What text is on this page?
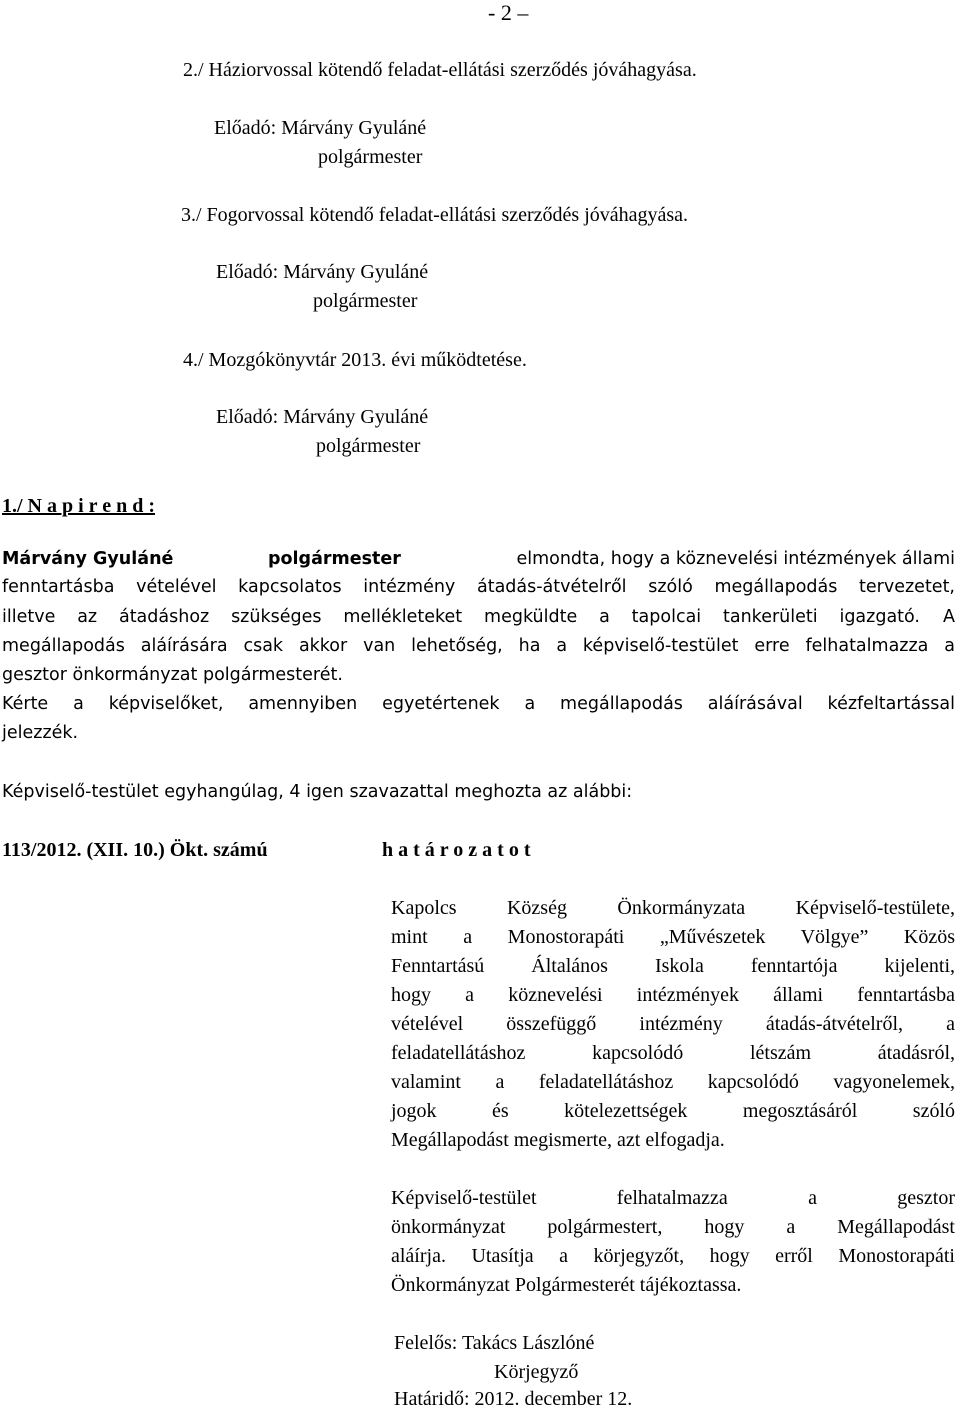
- 2 –
2./ Háziorvossal kötendő feladat-ellátási szerződés jóváhagyása.
Előadó: Márvány Gyuláné
polgármester
3./ Fogorvossal kötendő feladat-ellátási szerződés jóváhagyása.
Előadó: Márvány Gyuláné
polgármester
4./ Mozgókönyvtár 2013. évi működtetése.
Előadó: Márvány Gyuláné
polgármester
1./ N a p i r e n d :
Márvány Gyuláné	polgármester	elmondta, hogy a köznevelési intézmények állami
fenntartásba vételével kapcsolatos intézmény átadás-átvételről szóló megállapodás tervezetet,
illetve az átadáshoz szükséges mellékleteket megküldte a tapolcai tankerületi igazgató. A
megállapodás aláírására csak akkor van lehetőség, ha a képviselő-testület erre felhatalmazza a
gesztor önkormányzat polgármesterét.
Kérte a képviselőket, amennyiben egyetértenek a megállapodás aláírásával kézfeltartással
jelezzék.
Képviselő-testület egyhangúlag, 4 igen szavazattal meghozta az alábbi:
113/2012. (XII. 10.) Ökt. számú	h a t á r o z a t o t
Kapolcs Község Önkormányzata Képviselő-testülete,
mint a Monostorapáti „Művészetek Völgye” Közös
Fenntartású Általános Iskola fenntartója kijelenti,
hogy a köznevelési intézmények állami fenntartásba
vételével összefüggő intézmény átadás-átvételről, a
feladatellátáshoz kapcsolódó létszám átadásról,
valamint a feladatellátáshoz kapcsolódó vagyonelemek,
jogok és kötelezettségek megosztásáról szóló
Megállapodást megismerte, azt elfogadja.
Képviselő-testület felhatalmazza a gesztor
önkormányzat polgármestert, hogy a Megállapodást
aláírja. Utasítja a körjegyzőt, hogy erről Monostorapáti
Önkormányzat Polgármesterét tájékoztassa.
Felelős: Takács Lászlóné
Körjegyző
Határidő: 2012. december 12.
